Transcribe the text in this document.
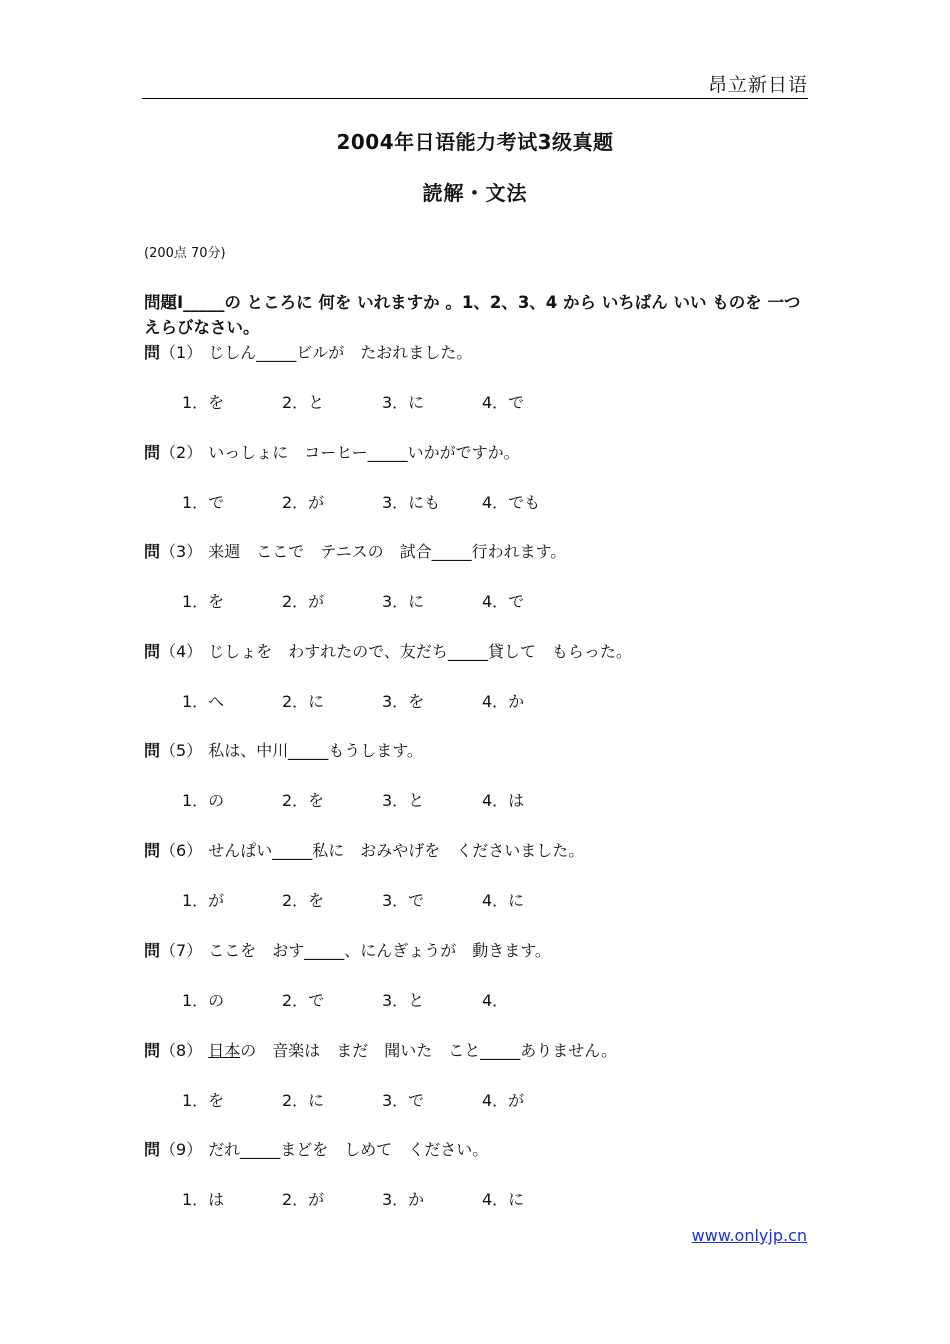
昂立新日语
2004年日语能力考试3级真题
読解・文法
(200点 70分)
問題Ⅰ_____の ところに 何を いれますか 。1、2、3、4 から いちばん いい ものを 一つ えらびなさい。
問（1） じしん_____ビルが　たおれました。
1．を	2．と	3．に	4．で
問（2） いっしょに　コーヒー_____いかがですか。
1．で	2．が	3．にも	4．でも
問（3） 来週　ここで　テニスの　試合_____行われます。
1．を	2．が	3．に	4．で
問（4） じしょを　わすれたので、友だち_____貸して　もらった。
1．へ	2．に	3．を	4．か
問（5） 私は、中川_____もうします。
1．の	2．を	3．と	4．は
問（6） せんぱい_____私に　おみやげを　くださいました。
1．が	2．を	3．で	4．に
問（7） ここを　おす_____、にんぎょうが　動きます。
1．の	2．で	3．と	4．
問（8） 日本の　音楽は　まだ　聞いた　こと_____ありません。
1．を	2．に	3．で	4．が
問（9） だれ_____まどを　しめて　ください。
1．は	2．が	3．か	4．に
www.onlyjp.cn
